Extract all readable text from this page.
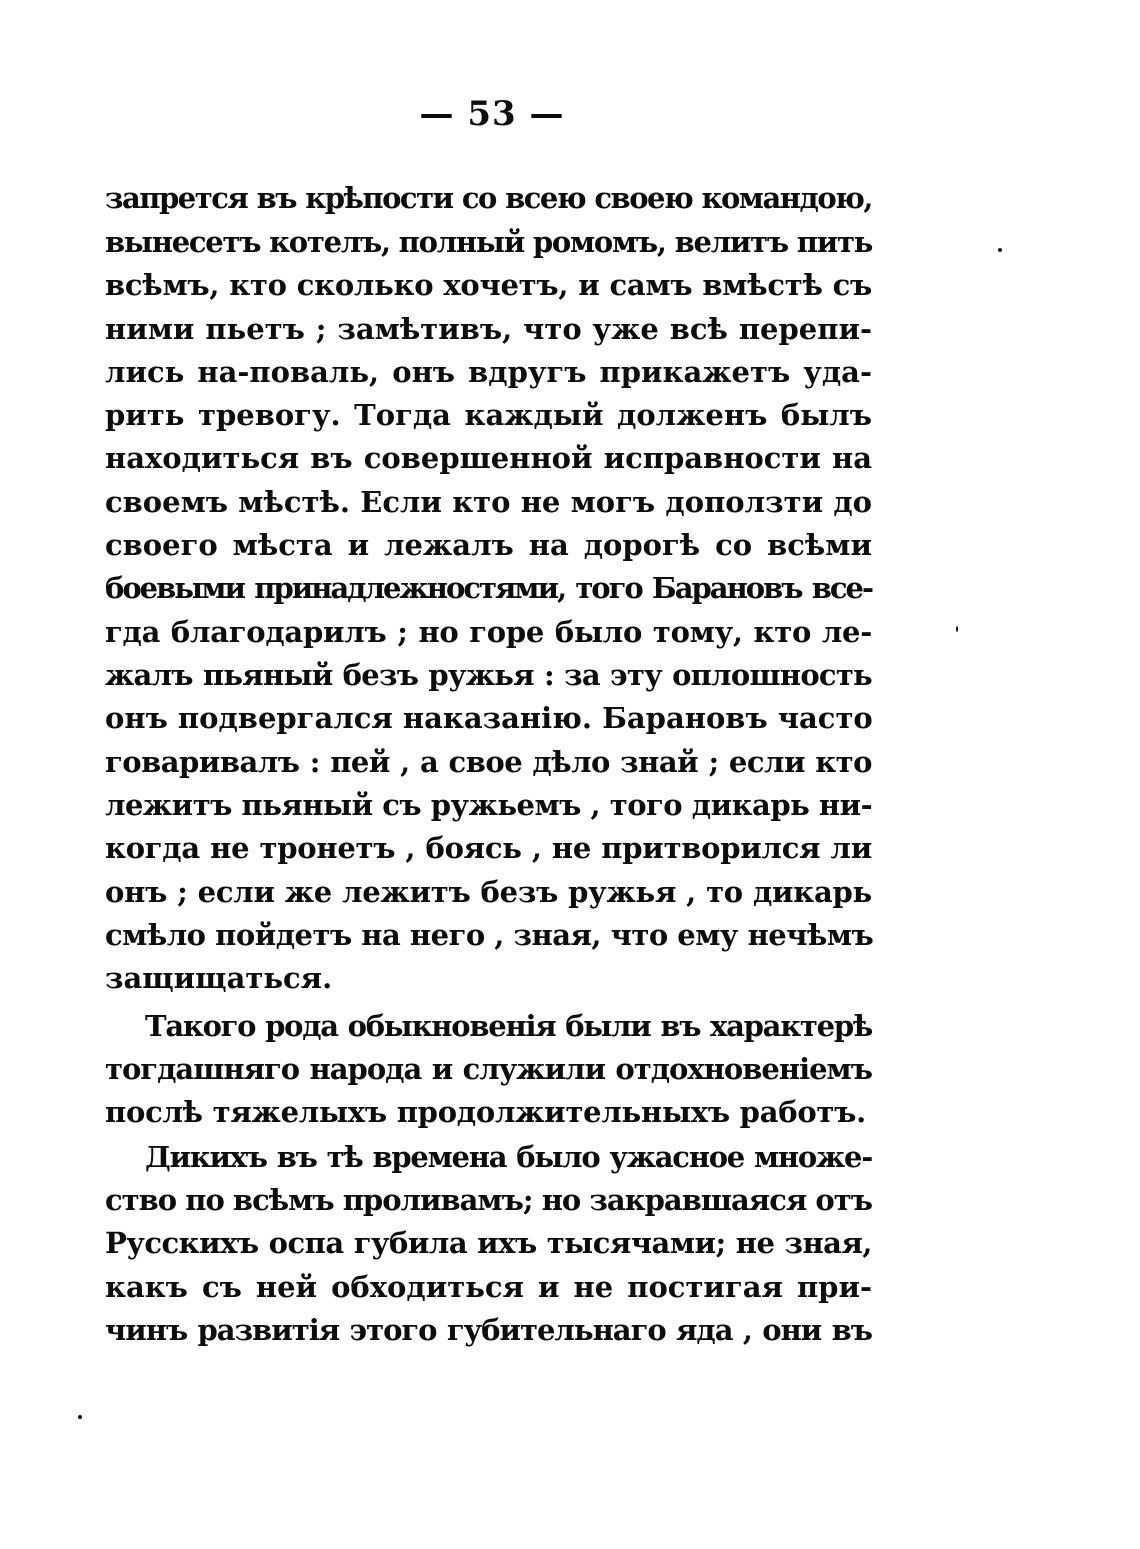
— 53 —
запрется въ крѣпости со всею своею командою,
вынесетъ котелъ, полный ромомъ, велитъ пить
всѣмъ, кто сколько хочетъ, и самъ вмѣстѣ съ
ними пьетъ ; замѣтивъ, что уже всѣ перепи-
лись на-поваль, онъ вдругъ прикажетъ уда-
рить тревогу. Тогда каждый долженъ былъ
находиться въ совершенной исправности на
своемъ мѣстѣ. Если кто не могъ доползти до
своего мѣста и лежалъ на дорогѣ со всѣми
боевыми принадлежностями, того Барановъ все-
гда благодарилъ ; но горе было тому, кто ле-
жалъ пьяный безъ ружья : за эту оплошность
онъ подвергался наказанію. Барановъ часто
говаривалъ : пей , а свое дѣло знай ; если кто
лежитъ пьяный съ ружьемъ , того дикарь ни-
когда не тронетъ , боясь , не притворился ли
онъ ; если же лежитъ безъ ружья , то дикарь
смѣло пойдетъ на него , зная, что ему нечѣмъ
защищаться.
Такого рода обыкновенія были въ характерѣ
тогдашняго народа и служили отдохновеніемъ
послѣ тяжелыхъ продолжительныхъ работъ.
Дикихъ въ тѣ времена было ужасное множе-
ство по всѣмъ проливамъ; но закравшаяся отъ
Русскихъ оспа губила ихъ тысячами; не зная,
какъ съ ней обходиться и не постигая при-
чинъ развитія этого губительнаго яда , они въ
